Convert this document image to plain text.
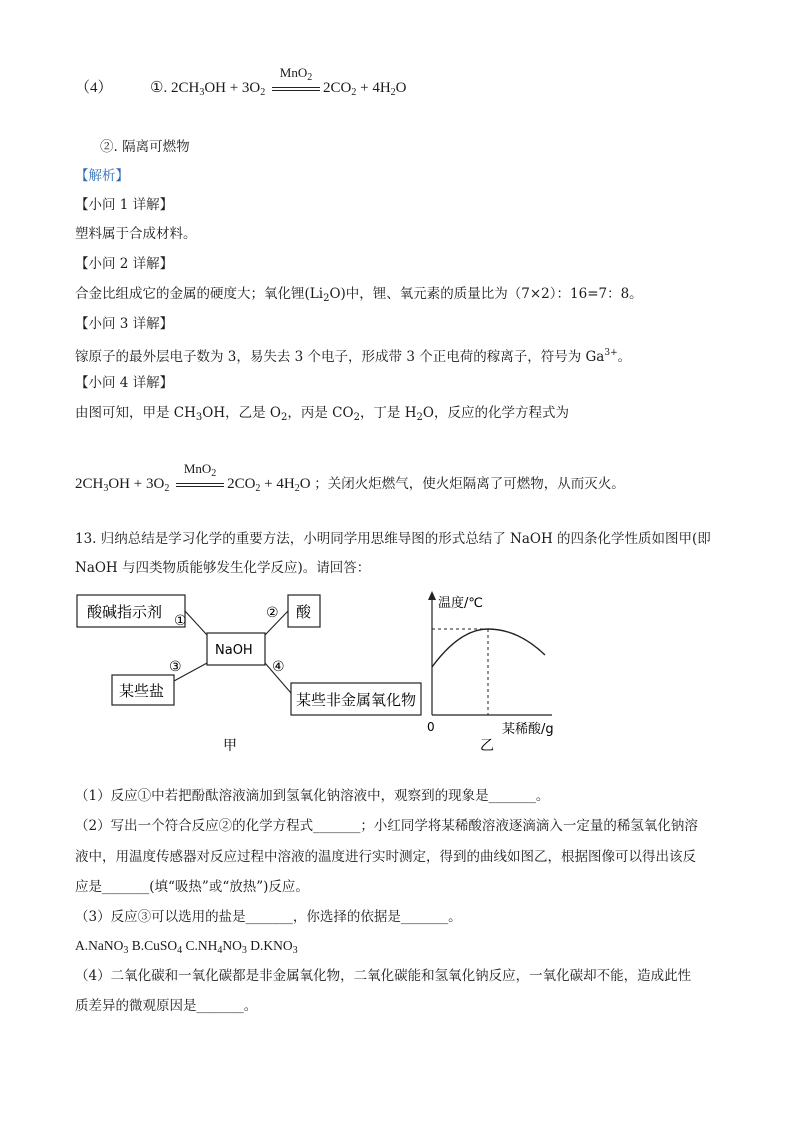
（4）	①. $2CH_3OH + 3O_2$
MnO$_2$
$2CO_2 + 4H_2O$
②. 隔离可燃物
【解析】
【小问 1 详解】
塑料属于合成材料。
【小问 2 详解】
合金比组成它的金属的硬度大；氧化锂$(Li_2O)$中，锂、氧元素的质量比为（7×2）：16=7：8。
【小问 3 详解】
镓原子的最外层电子数为 3，易失去 3 个电子，形成带 3 个正电荷的稼离子，符号为 $Ga^{3+}$。
【小问 4 详解】
由图可知，甲是 $CH_3OH$，乙是 $O_2$，丙是 $CO_2$，丁是 $H_2O$，反应的化学方程式为
$2CH_3OH + 3O_2$
MnO$_2$
$2CO_2 + 4H_2O$ ；关闭火炬燃气，使火炬隔离了可燃物，从而灭火。
13. 归纳总结是学习化学的重要方法，小明同学用思维导图的形式总结了 NaOH 的四条化学性质如图甲(即
NaOH 与四类物质能够发生化学反应)。请回答：
酸碱指示剂	酸
NaOH
某些盐	某些非金属氧化物
①	②
③	④
甲
温度/℃
0	某稀酸/g
乙
（1）反应①中若把酚酞溶液滴加到氢氧化钠溶液中，观察到的现象是_______。
（2）写出一个符合反应②的化学方程式_______；小红同学将某稀酸溶液逐滴滴入一定量的稀氢氧化钠溶
液中，用温度传感器对反应过程中溶液的温度进行实时测定，得到的曲线如图乙，根据图像可以得出该反
应是_______(填“吸热”或“放热”)反应。
（3）反应③可以选用的盐是_______，你选择的依据是_______。
A.NaNO$_3$ B.CuSO$_4$ $C.NH_4NO_3$ $D.KNO_3$
（4）二氧化碳和一氧化碳都是非金属氧化物，二氧化碳能和氢氧化钠反应，一氧化碳却不能，造成此性
质差异的微观原因是_______。
